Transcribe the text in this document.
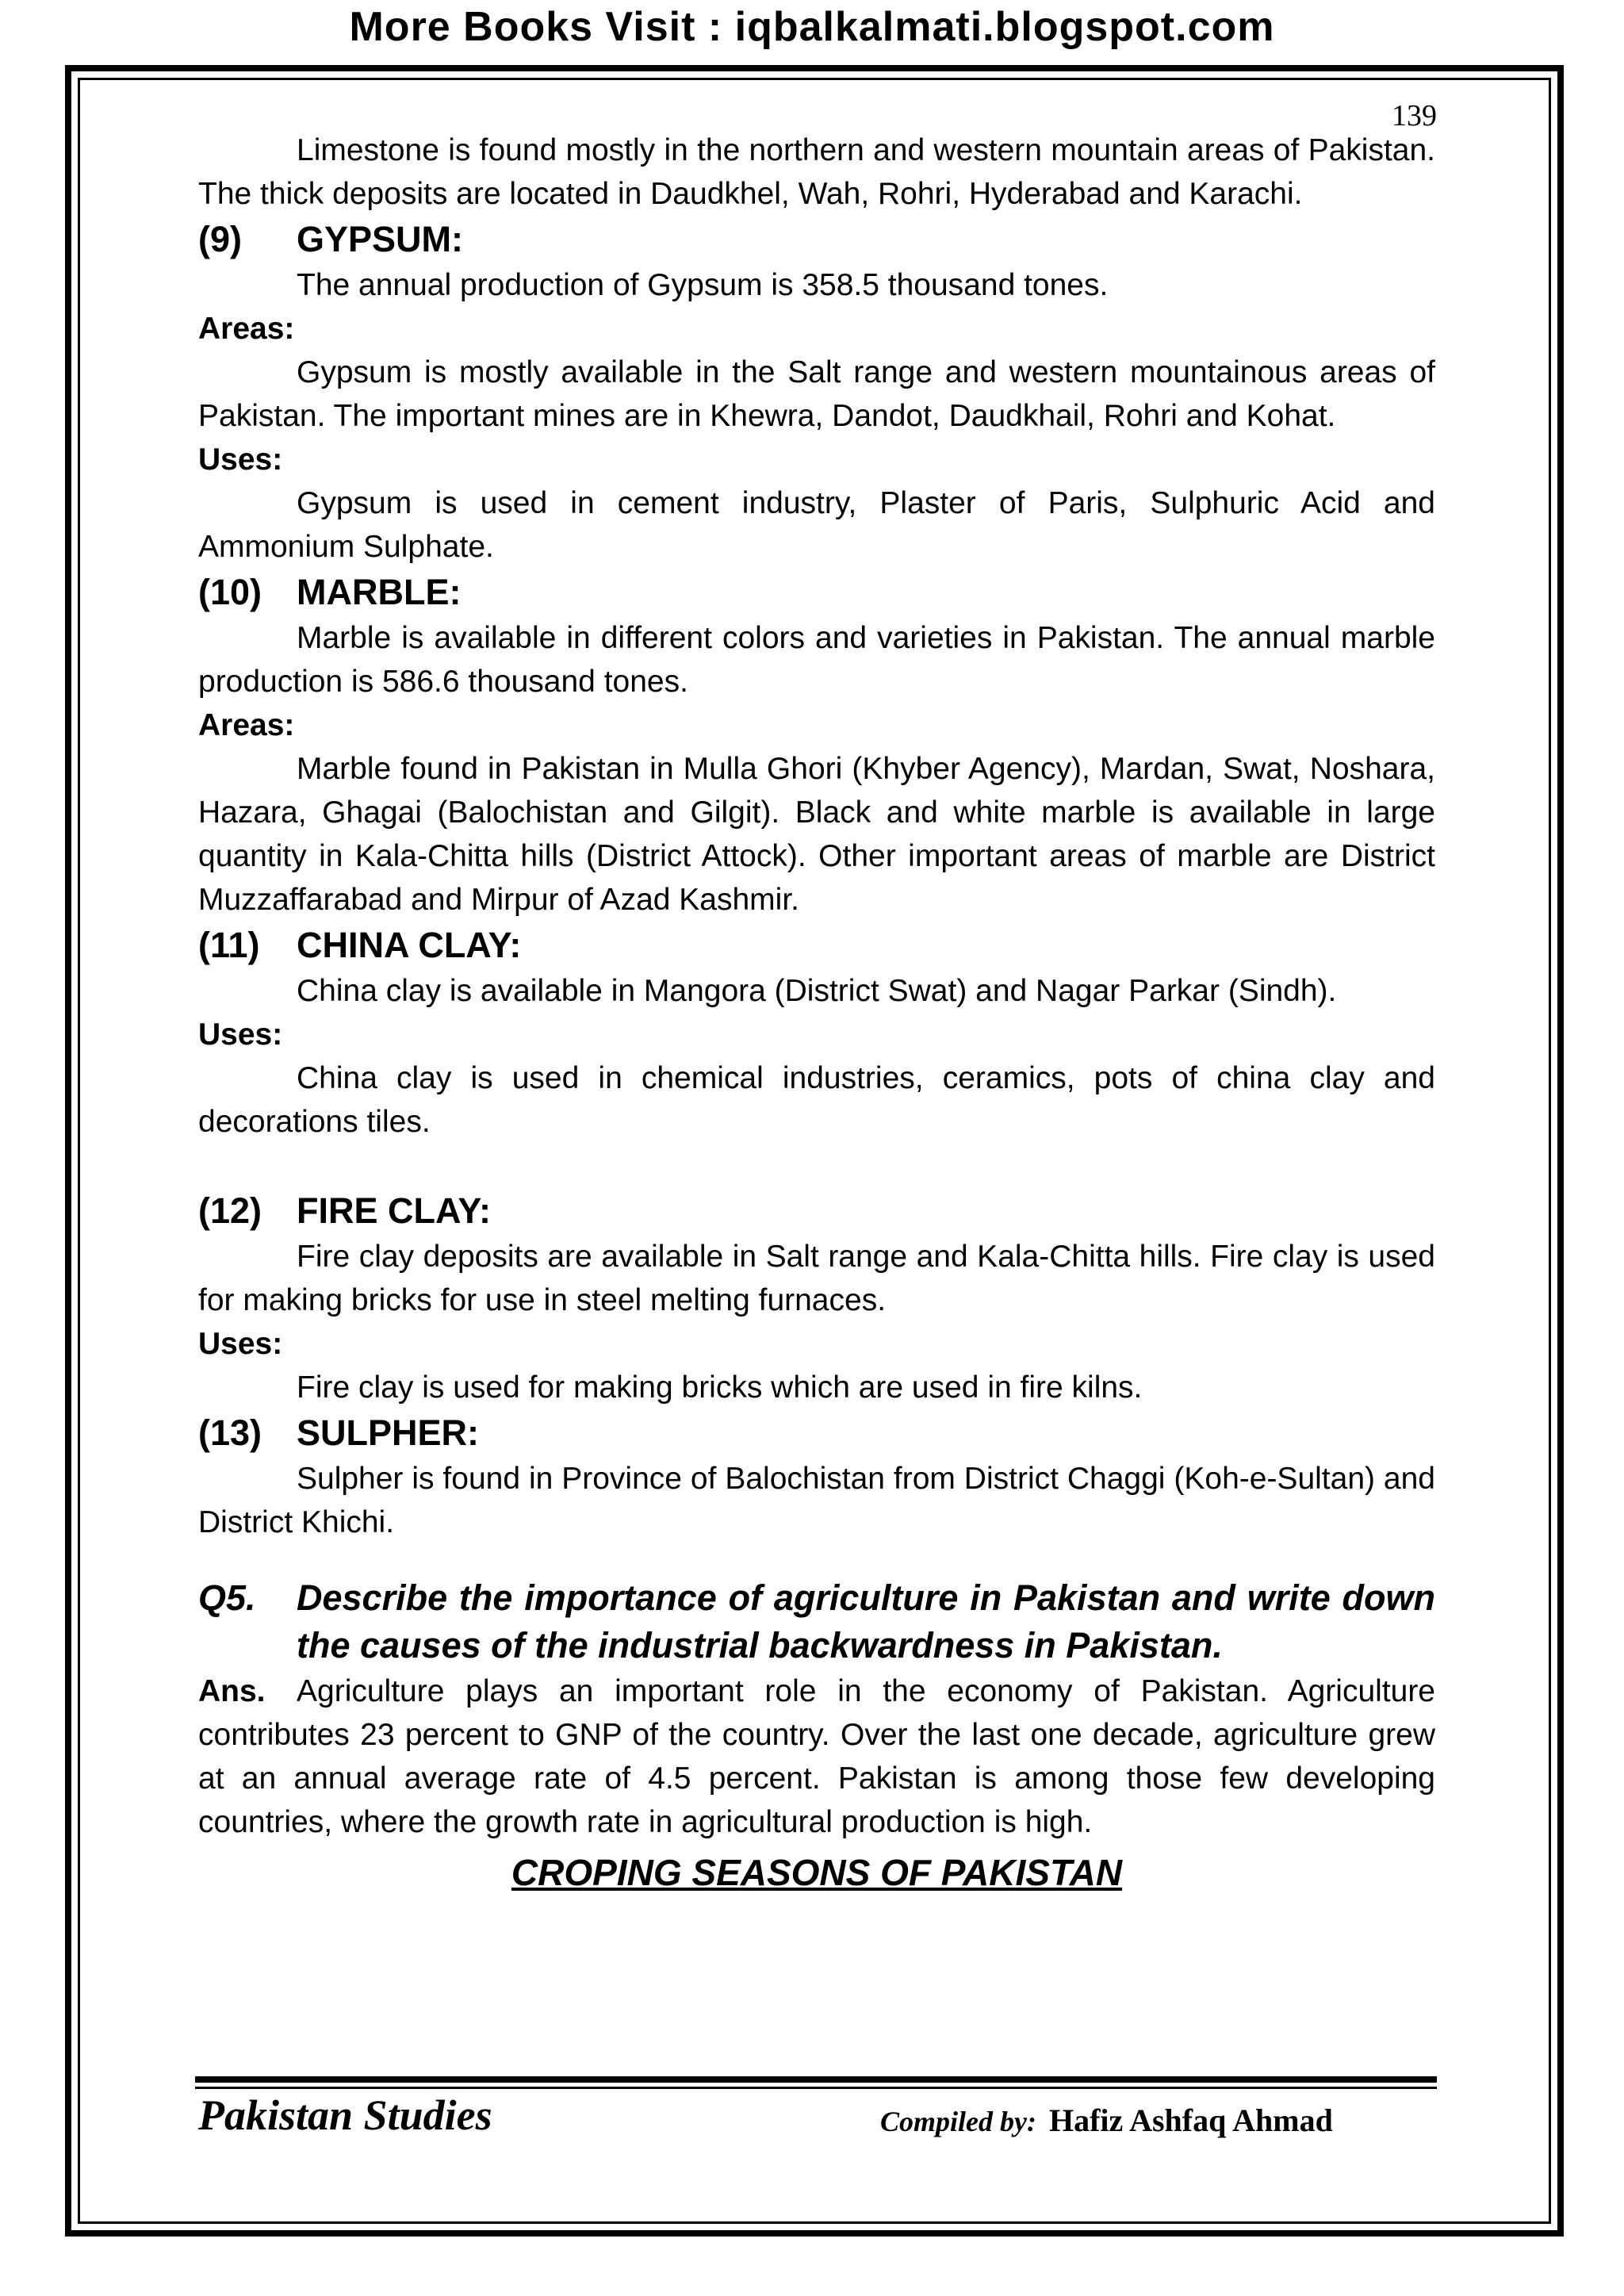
More Books Visit : iqbalkalmati.blogspot.com
139

Limestone is found mostly in the northern and western mountain areas of Pakistan. The thick deposits are located in Daudkhel, Wah, Rohri, Hyderabad and Karachi.

(9) GYPSUM:

The annual production of Gypsum is 358.5 thousand tones.

Areas:

Gypsum is mostly available in the Salt range and western mountainous areas of Pakistan. The important mines are in Khewra, Dandot, Daudkhail, Rohri and Kohat.

Uses:

Gypsum is used in cement industry, Plaster of Paris, Sulphuric Acid and Ammonium Sulphate.

(10) MARBLE:

Marble is available in different colors and varieties in Pakistan. The annual marble production is 586.6 thousand tones.

Areas:

Marble found in Pakistan in Mulla Ghori (Khyber Agency), Mardan, Swat, Noshara, Hazara, Ghagai (Balochistan and Gilgit). Black and white marble is available in large quantity in Kala-Chitta hills (District Attock). Other important areas of marble are District Muzzaffarabad and Mirpur of Azad Kashmir.

(11) CHINA CLAY:

China clay is available in Mangora (District Swat) and Nagar Parkar (Sindh).

Uses:

China clay is used in chemical industries, ceramics, pots of china clay and decorations tiles.

(12) FIRE CLAY:

Fire clay deposits are available in Salt range and Kala-Chitta hills. Fire clay is used for making bricks for use in steel melting furnaces.

Uses:

Fire clay is used for making bricks which are used in fire kilns.

(13) SULPHER:

Sulpher is found in Province of Balochistan from District Chaggi (Koh-e-Sultan) and District Khichi.

Q5. Describe the importance of agriculture in Pakistan and write down the causes of the industrial backwardness in Pakistan.

Ans. Agriculture plays an important role in the economy of Pakistan. Agriculture contributes 23 percent to GNP of the country. Over the last one decade, agriculture grew at an annual average rate of 4.5 percent. Pakistan is among those few developing countries, where the growth rate in agricultural production is high.

CROPING SEASONS OF PAKISTAN
Pakistan Studies	Compiled by: Hafiz Ashfaq Ahmad
